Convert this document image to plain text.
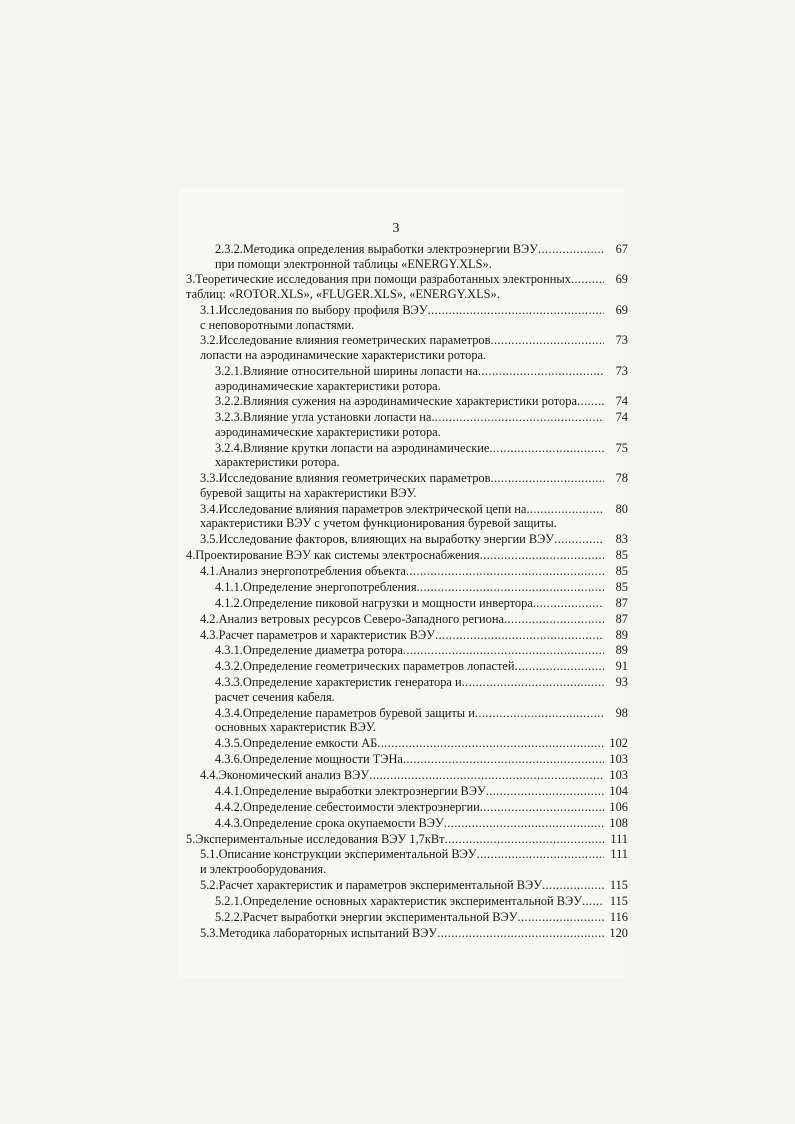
3
2.3.2. Методика определения выработки электроэнергии ВЭУ .....	67
при помощи электронной таблицы «ENERGY.XLS».
3. Теоретические исследования при помощи разработанных электронных .....	69
таблиц: «ROTOR.XLS», «FLUGER.XLS», «ENERGY.XLS».
3.1. Исследования по выбору профиля ВЭУ .....	69
с неповоротными лопастями.
3.2. Исследование влияния геометрических параметров .....	73
лопасти на аэродинамические характеристики ротора.
3.2.1. Влияние относительной ширины лопасти на .....	73
аэродинамические характеристики ротора.
3.2.2. Влияния сужения на аэродинамические характеристики ротора .....	74
3.2.3. Влияние угла установки лопасти на .....	74
аэродинамические характеристики ротора.
3.2.4. Влияние крутки лопасти на аэродинамические .....	75
характеристики ротора.
3.3. Исследование влияния геометрических параметров .....	78
буревой защиты на характеристики ВЭУ.
3.4. Исследование влияния параметров электрической цепи на .....	80
характеристики ВЭУ с учетом функционирования буревой защиты.
3.5. Исследование факторов, влияющих на выработку энергии ВЭУ .....	83
4. Проектирование ВЭУ как системы электроснабжения .....	85
4.1. Анализ энергопотребления объекта .....	85
4.1.1. Определение энергопотребления .....	85
4.1.2. Определение пиковой нагрузки и мощности инвертора .....	87
4.2. Анализ ветровых ресурсов Северо-Западного региона .....	87
4.3. Расчет параметров и характеристик ВЭУ .....	89
4.3.1. Определение диаметра ротора .....	89
4.3.2. Определение геометрических параметров лопастей .....	91
4.3.3. Определение характеристик генератора и .....	93
расчет сечения кабеля.
4.3.4. Определение параметров буревой защиты и .....	98
основных характеристик ВЭУ.
4.3.5. Определение емкости АБ .....	102
4.3.6. Определение мощности ТЭНа .....	103
4.4. Экономический анализ ВЭУ .....	103
4.4.1. Определение выработки электроэнергии ВЭУ .....	104
4.4.2. Определение себестоимости электроэнергии .....	106
4.4.3. Определение срока окупаемости ВЭУ .....	108
5. Экспериментальные исследования ВЭУ 1,7кВт .....	111
5.1. Описание конструкции экспериментальной ВЭУ .....	111
и электрооборудования.
5.2. Расчет характеристик и параметров экспериментальной ВЭУ .....	115
5.2.1. Определение основных характеристик экспериментальной ВЭУ .....	115
5.2.2. Расчет выработки энергии экспериментальной ВЭУ .....	116
5.3. Методика лабораторных испытаний ВЭУ .....	120
